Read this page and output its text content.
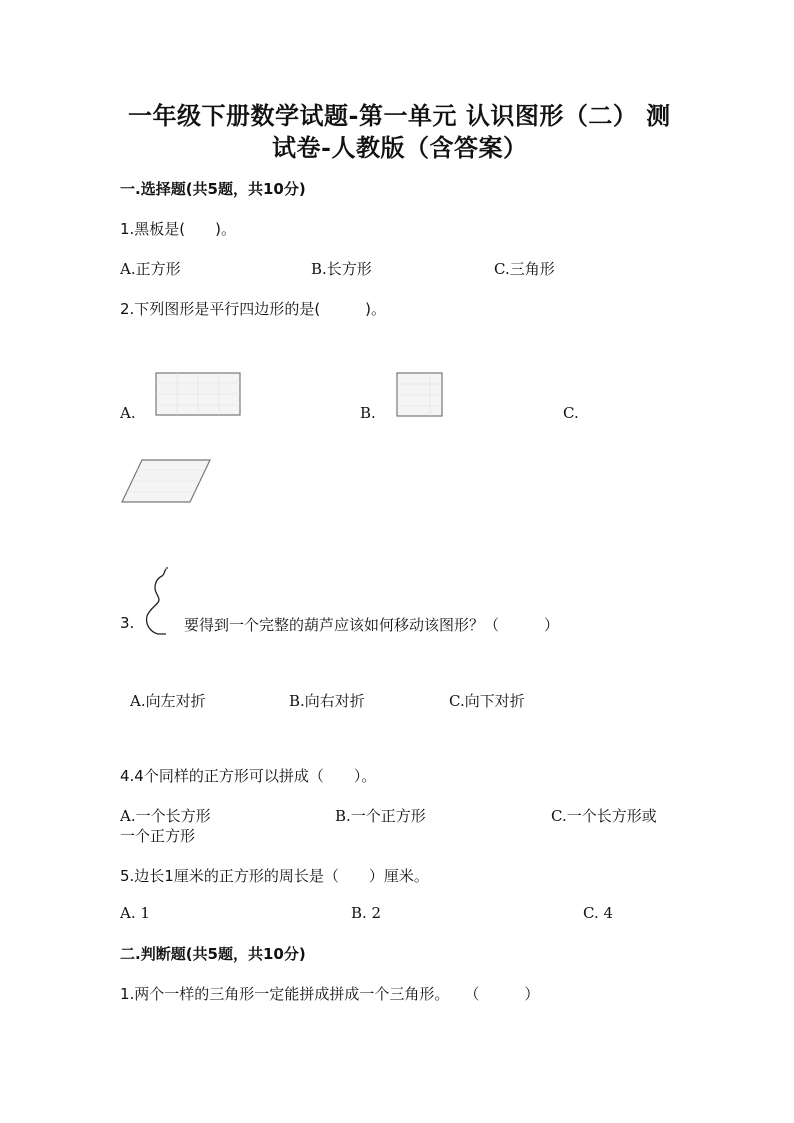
一年级下册数学试题-第一单元 认识图形（二） 测
试卷-人教版（含答案）
一.选择题(共5题，共10分)
1.黑板是(　　)。
A.正方形	B.长方形	C.三角形
2.下列图形是平行四边形的是(　　　)。
A.	B.	C.
3.	要得到一个完整的葫芦应该如何移动该图形？（　　　）
A.向左对折	B.向右对折	C.向下对折
4.4个同样的正方形可以拼成（　　）。
A.一个长方形	B.一个正方形	C.一个长方形或
一个正方形
5.边长1厘米的正方形的周长是（　　）厘米。
A. 1	B. 2	C. 4
二.判断题(共5题，共10分)
1.两个一样的三角形一定能拼成拼成一个三角形。　　（　　　）
